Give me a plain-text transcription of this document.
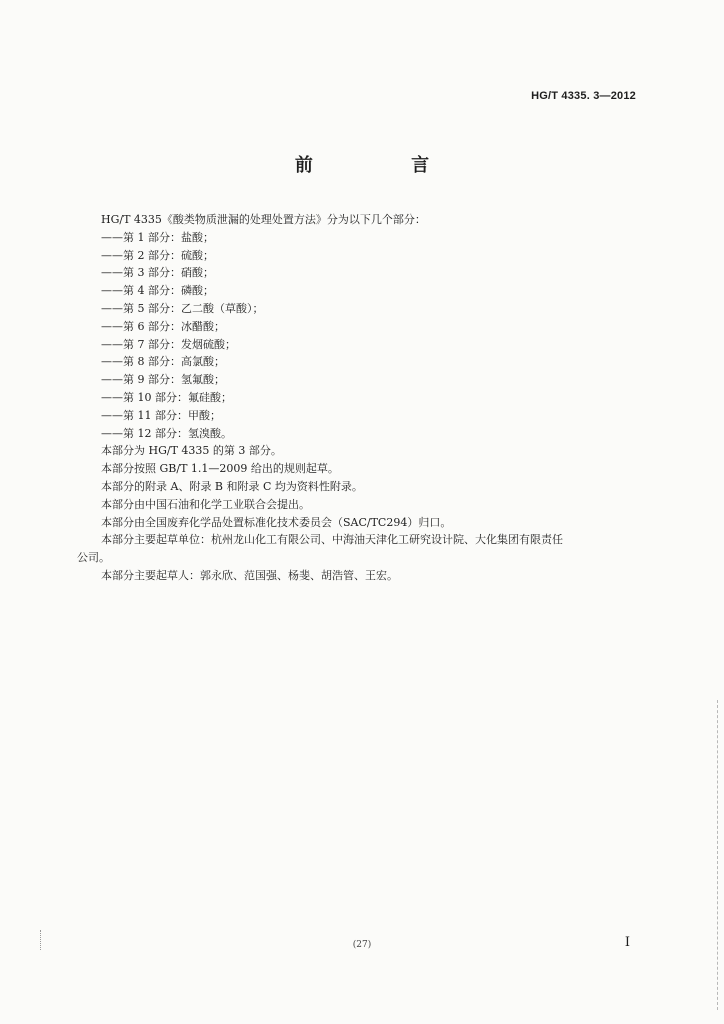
HG/T 4335. 3—2012
前 言
HG/T 4335《酸类物质泄漏的处理处置方法》分为以下几个部分：
——第 1 部分：盐酸；
——第 2 部分：硫酸；
——第 3 部分：硝酸；
——第 4 部分：磷酸；
——第 5 部分：乙二酸（草酸）；
——第 6 部分：冰醋酸；
——第 7 部分：发烟硫酸；
——第 8 部分：高氯酸；
——第 9 部分：氢氟酸；
——第 10 部分：氟硅酸；
——第 11 部分：甲酸；
——第 12 部分：氢溴酸。
本部分为 HG/T 4335 的第 3 部分。
本部分按照 GB/T 1.1—2009 给出的规则起草。
本部分的附录 A、附录 B 和附录 C 均为资料性附录。
本部分由中国石油和化学工业联合会提出。
本部分由全国废弃化学品处置标准化技术委员会（SAC/TC294）归口。
本部分主要起草单位：杭州龙山化工有限公司、中海油天津化工研究设计院、大化集团有限责任
公司。
本部分主要起草人：郭永欣、范国强、杨斐、胡浩管、王宏。
(27)	I
